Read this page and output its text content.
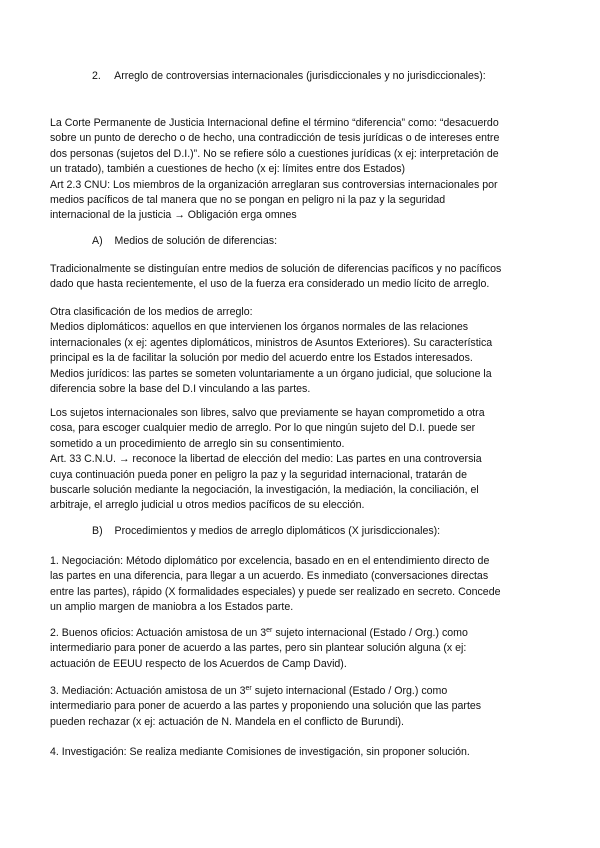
2. Arreglo de controversias internacionales (jurisdiccionales y no jurisdiccionales):
La Corte Permanente de Justicia Internacional define el término “diferencia” como: “desacuerdo
sobre un punto de derecho o de hecho, una contradicción de tesis jurídicas o de intereses entre
dos personas (sujetos del D.I.)”. No se refiere sólo a cuestiones jurídicas (x ej: interpretación de
un tratado), también a cuestiones de hecho (x ej: límites entre dos Estados)
Art 2.3 CNU: Los miembros de la organización arreglaran sus controversias internacionales por
medios pacíficos de tal manera que no se pongan en peligro ni la paz y la seguridad
internacional de la justicia → Obligación erga omnes
A) Medios de solución de diferencias:
Tradicionalmente se distinguían entre medios de solución de diferencias pacíficos y no pacíficos
dado que hasta recientemente, el uso de la fuerza era considerado un medio lícito de arreglo.
Otra clasificación de los medios de arreglo:
Medios diplomáticos: aquellos en que intervienen los órganos normales de las relaciones
internacionales (x ej: agentes diplomáticos, ministros de Asuntos Exteriores). Su característica
principal es la de facilitar la solución por medio del acuerdo entre los Estados interesados.
Medios jurídicos: las partes se someten voluntariamente a un órgano judicial, que solucione la
diferencia sobre la base del D.I vinculando a las partes.
Los sujetos internacionales son libres, salvo que previamente se hayan comprometido a otra
cosa, para escoger cualquier medio de arreglo. Por lo que ningún sujeto del D.I. puede ser
sometido a un procedimiento de arreglo sin su consentimiento.
Art. 33 C.N.U. → reconoce la libertad de elección del medio: Las partes en una controversia
cuya continuación pueda poner en peligro la paz y la seguridad internacional, tratarán de
buscarle solución mediante la negociación, la investigación, la mediación, la conciliación, el
arbitraje, el arreglo judicial u otros medios pacíficos de su elección.
B) Procedimientos y medios de arreglo diplomáticos (X jurisdiccionales):
1. Negociación: Método diplomático por excelencia, basado en en el entendimiento directo de
las partes en una diferencia, para llegar a un acuerdo. Es inmediato (conversaciones directas
entre las partes), rápido (X formalidades especiales) y puede ser realizado en secreto. Concede
un amplio margen de maniobra a los Estados parte.
2. Buenos oficios: Actuación amistosa de un 3er sujeto internacional (Estado / Org.) como
intermediario para poner de acuerdo a las partes, pero sin plantear solución alguna (x ej:
actuación de EEUU respecto de los Acuerdos de Camp David).
3. Mediación: Actuación amistosa de un 3er sujeto internacional (Estado / Org.) como
intermediario para poner de acuerdo a las partes y proponiendo una solución que las partes
pueden rechazar (x ej: actuación de N. Mandela en el conflicto de Burundi).
4. Investigación: Se realiza mediante Comisiones de investigación, sin proponer solución.
